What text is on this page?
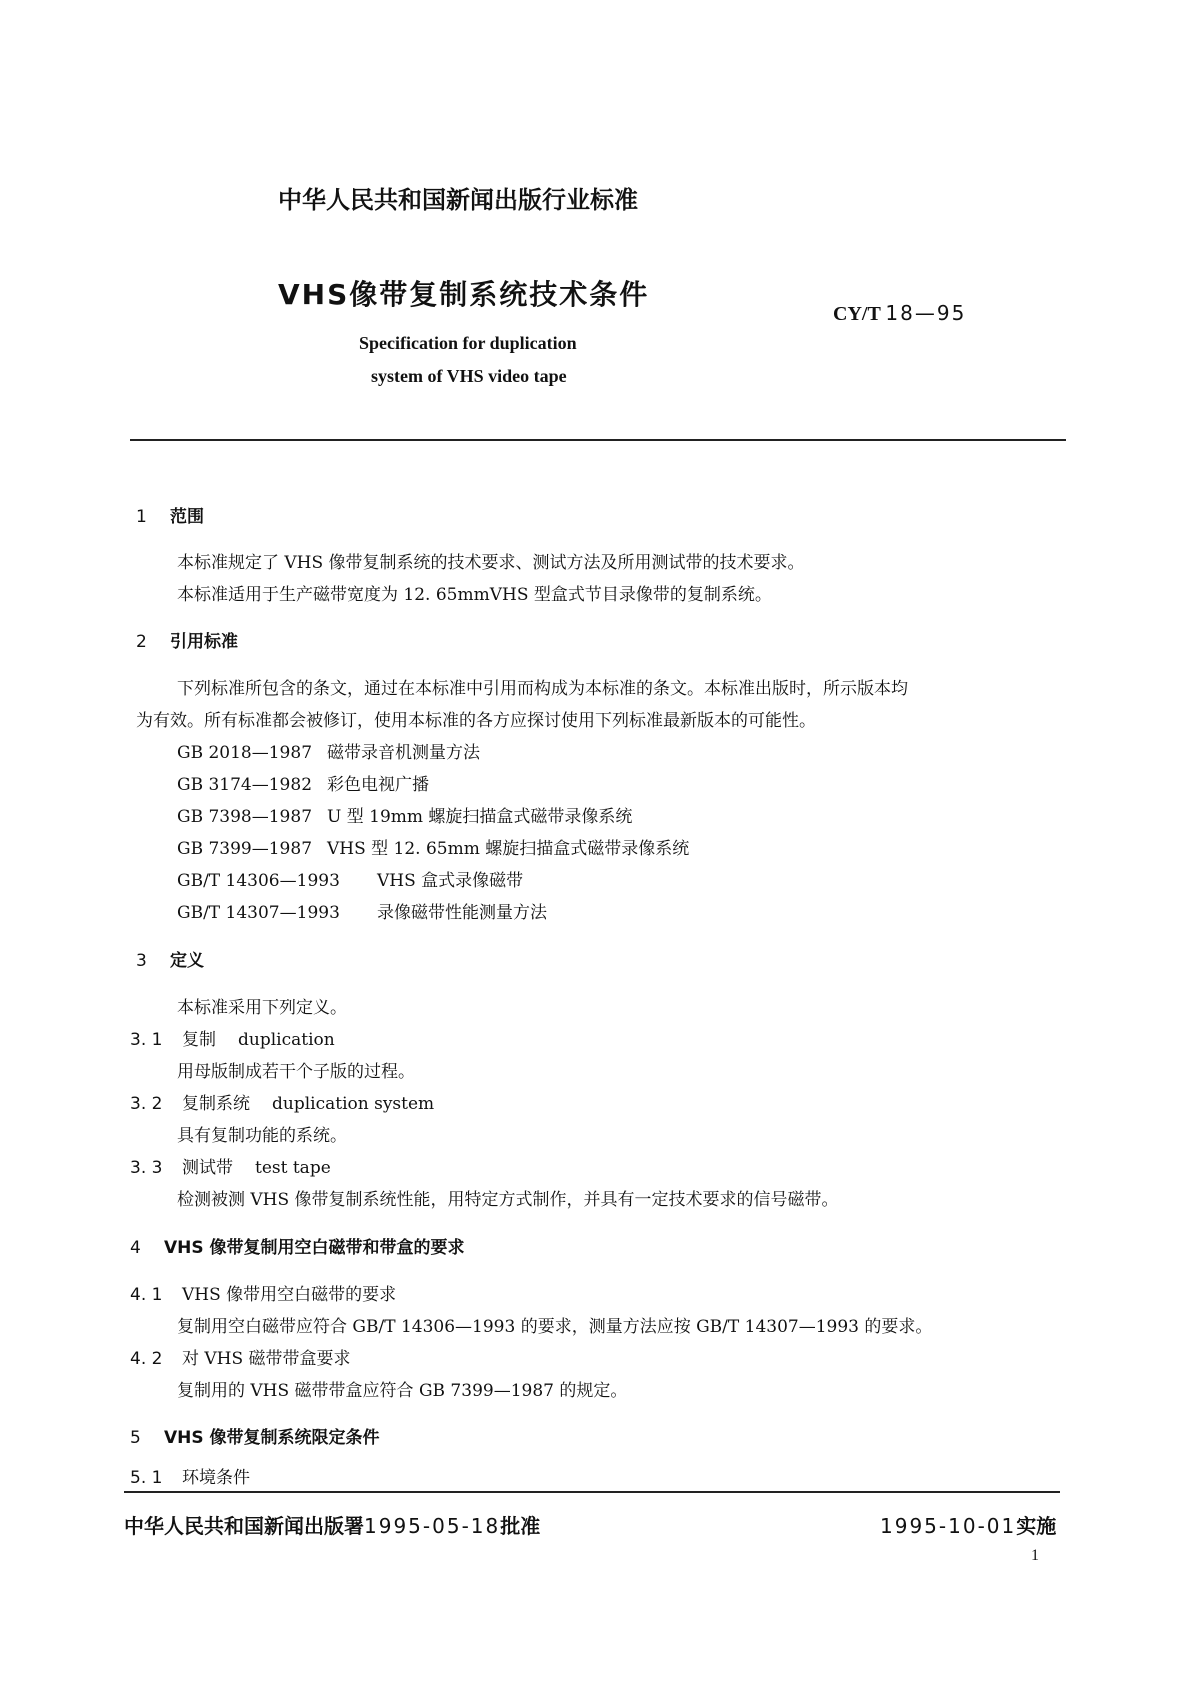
中华人民共和国新闻出版行业标准
VHS像带复制系统技术条件
CY/T 18—95
Specification for duplication
system of VHS video tape
1 范围
本标准规定了 VHS 像带复制系统的技术要求、测试方法及所用测试带的技术要求。
本标准适用于生产磁带宽度为 12. 65mmVHS 型盒式节目录像带的复制系统。
2 引用标准
下列标准所包含的条文，通过在本标准中引用而构成为本标准的条文。本标准出版时，所示版本均
为有效。所有标准都会被修订，使用本标准的各方应探讨使用下列标准最新版本的可能性。
GB 2018—1987 磁带录音机测量方法
GB 3174—1982 彩色电视广播
GB 7398—1987 U 型 19mm 螺旋扫描盒式磁带录像系统
GB 7399—1987 VHS 型 12. 65mm 螺旋扫描盒式磁带录像系统
GB/T 14306—1993 VHS 盒式录像磁带
GB/T 14307—1993 录像磁带性能测量方法
3 定义
本标准采用下列定义。
3. 1 复制 duplication
用母版制成若干个子版的过程。
3. 2 复制系统 duplication system
具有复制功能的系统。
3. 3 测试带 test tape
检测被测 VHS 像带复制系统性能，用特定方式制作，并具有一定技术要求的信号磁带。
4 VHS 像带复制用空白磁带和带盒的要求
4. 1 VHS 像带用空白磁带的要求
复制用空白磁带应符合 GB/T 14306—1993 的要求，测量方法应按 GB/T 14307—1993 的要求。
4. 2 对 VHS 磁带带盒要求
复制用的 VHS 磁带带盒应符合 GB 7399—1987 的规定。
5 VHS 像带复制系统限定条件
5. 1 环境条件
中华人民共和国新闻出版署1995-05-18批准	1995-10-01实施
1
